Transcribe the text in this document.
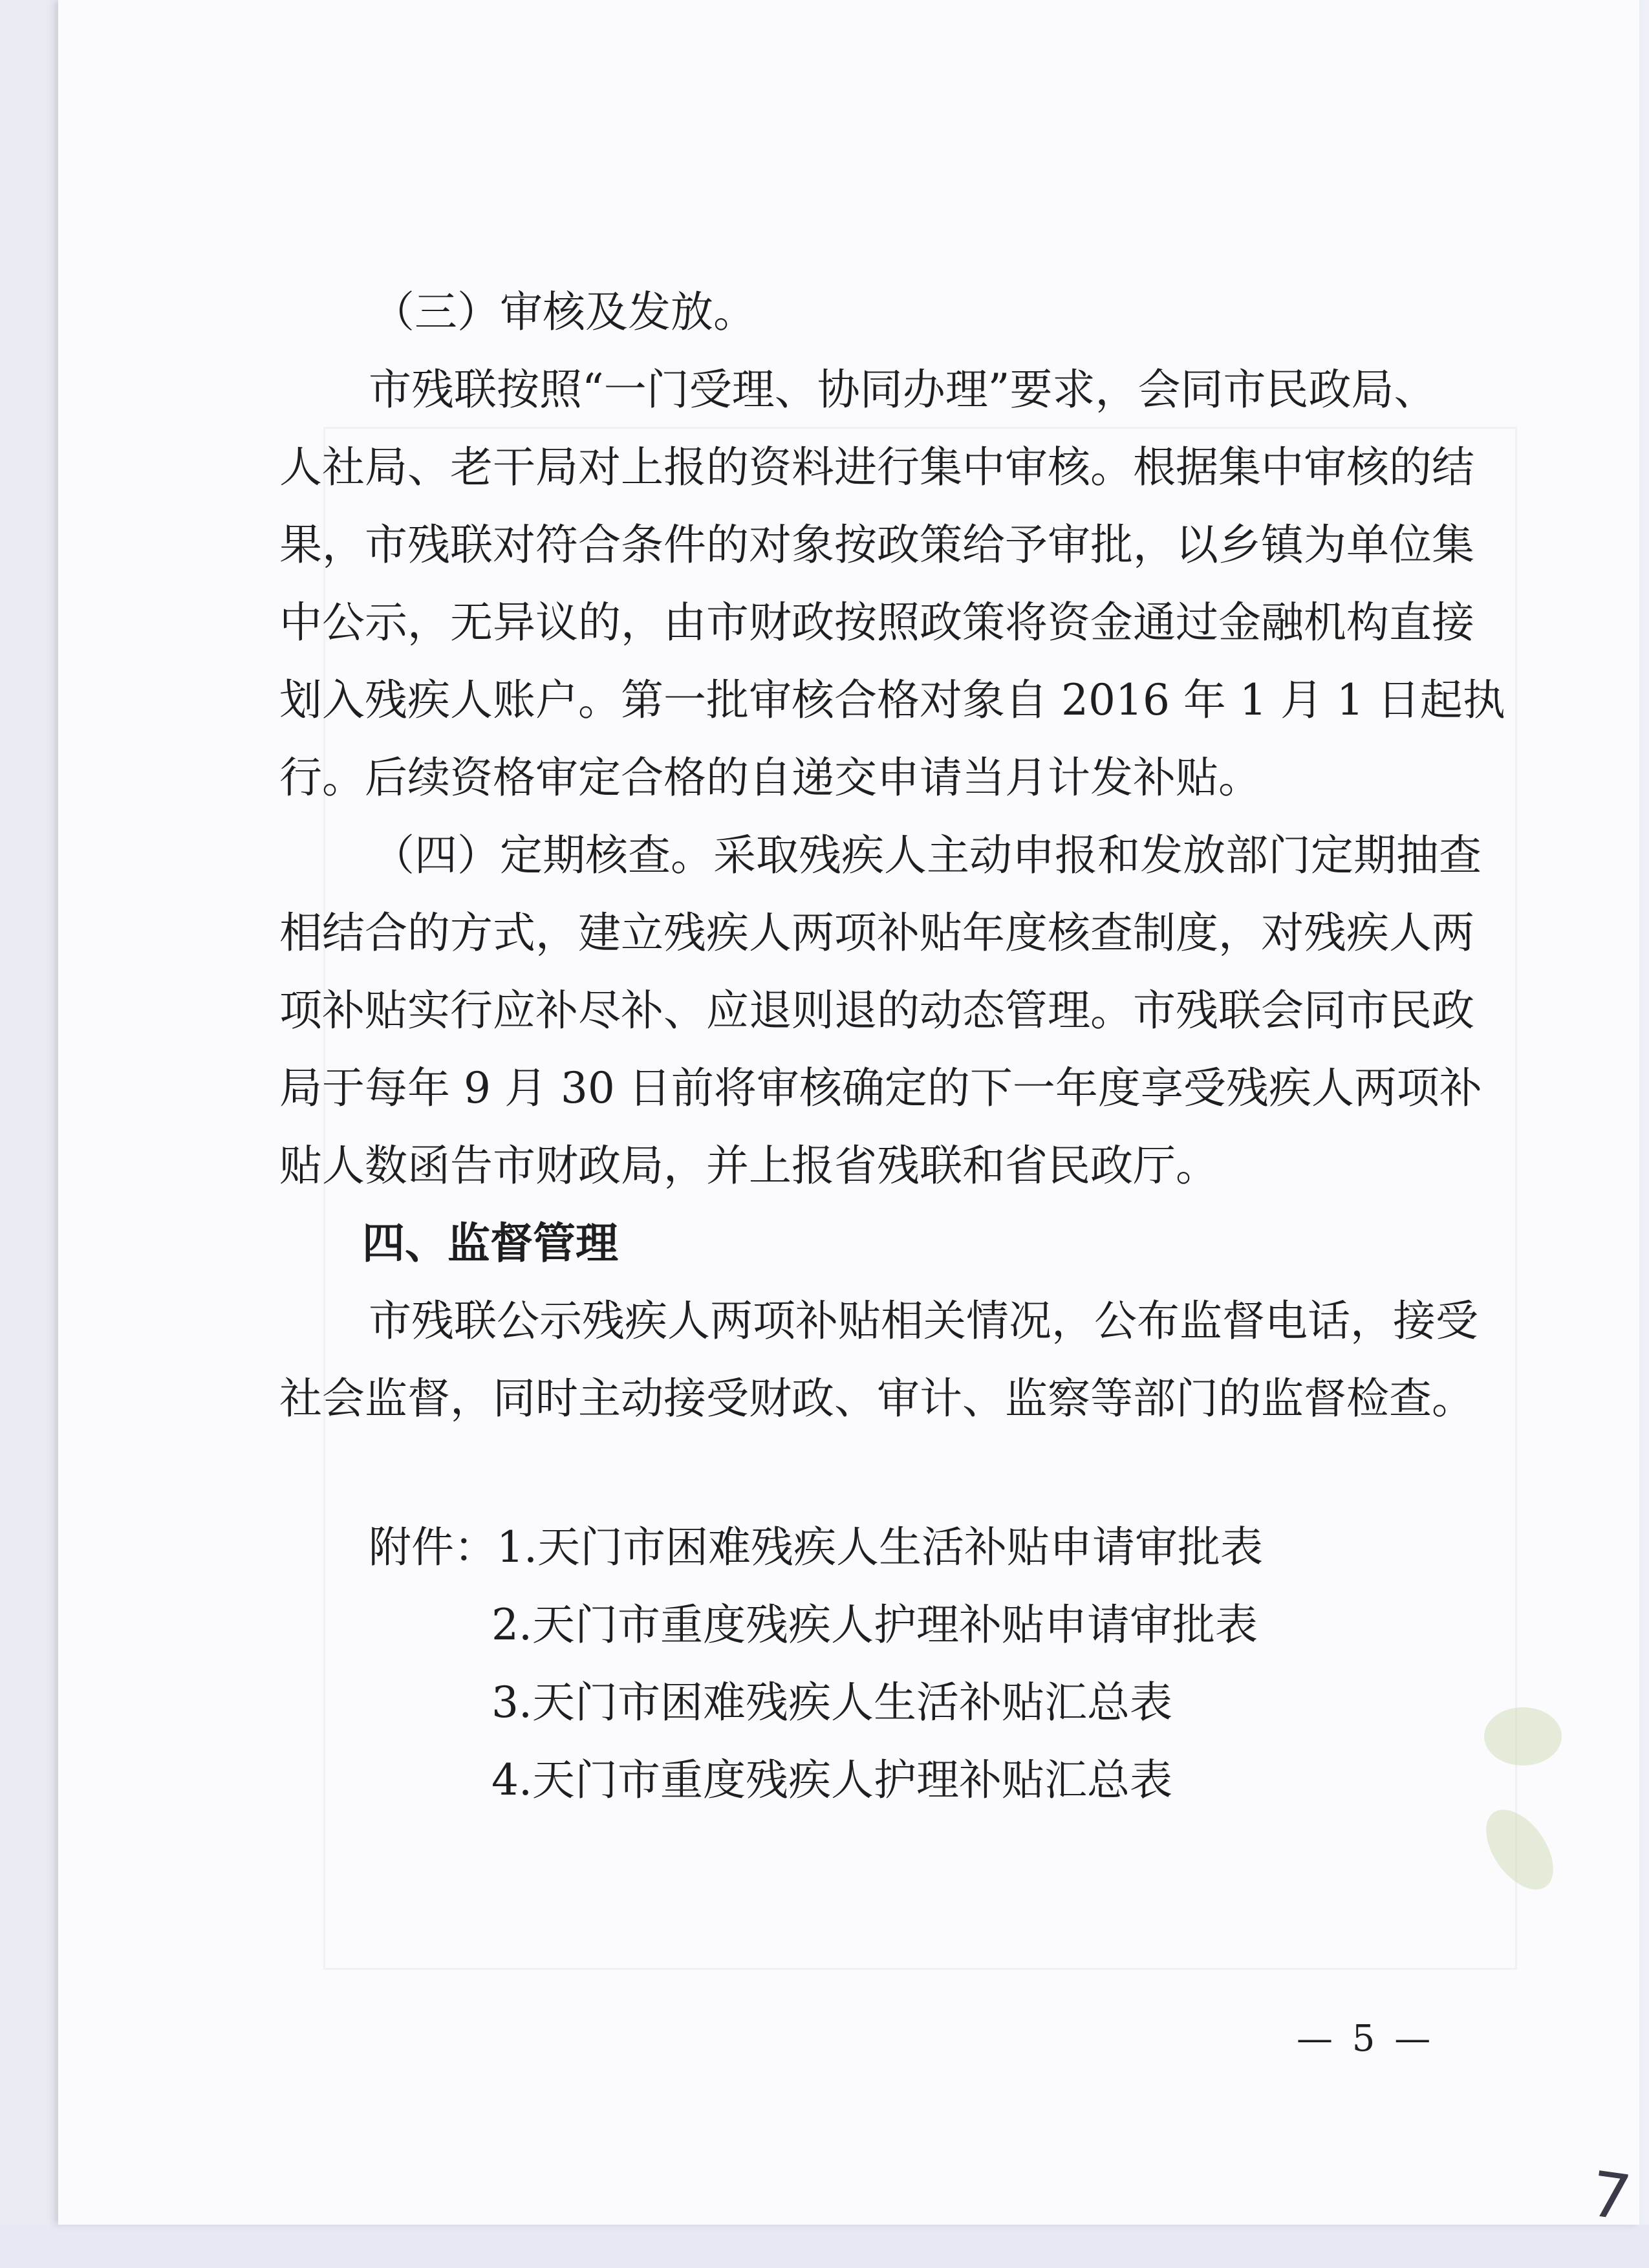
（三）审核及发放。
市残联按照“一门受理、协同办理”要求，会同市民政局、
人社局、老干局对上报的资料进行集中审核。根据集中审核的结
果，市残联对符合条件的对象按政策给予审批，以乡镇为单位集
中公示，无异议的，由市财政按照政策将资金通过金融机构直接
划入残疾人账户。第一批审核合格对象自 2016 年 1 月 1 日起执
行。后续资格审定合格的自递交申请当月计发补贴。
（四）定期核查。采取残疾人主动申报和发放部门定期抽查
相结合的方式，建立残疾人两项补贴年度核查制度，对残疾人两
项补贴实行应补尽补、应退则退的动态管理。市残联会同市民政
局于每年 9 月 30 日前将审核确定的下一年度享受残疾人两项补
贴人数函告市财政局，并上报省残联和省民政厅。
四、监督管理
市残联公示残疾人两项补贴相关情况，公布监督电话，接受
社会监督，同时主动接受财政、审计、监察等部门的监督检查。
附件：1.天门市困难残疾人生活补贴申请审批表
2.天门市重度残疾人护理补贴申请审批表
3.天门市困难残疾人生活补贴汇总表
4.天门市重度残疾人护理补贴汇总表
— 5 —
7
